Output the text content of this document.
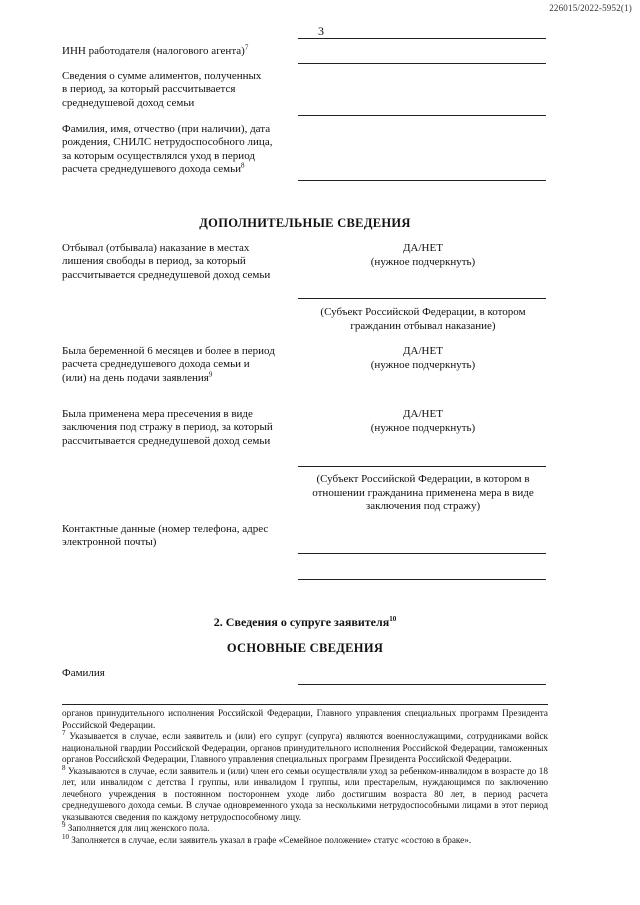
226015/2022-5952(1)
3
ИНН работодателя (налогового агента)$^7$
Сведения о сумме алиментов, полученных
в период, за который рассчитывается
среднедушевой доход семьи
Фамилия, имя, отчество (при наличии), дата
рождения, СНИЛС нетрудоспособного лица,
за которым осуществлялся уход в период
расчета среднедушевого дохода семьи$^8$
ДОПОЛНИТЕЛЬНЫЕ СВЕДЕНИЯ
Отбывал (отбывала) наказание в местах
лишения свободы в период, за который
рассчитывается среднедушевой доход семьи
ДА/НЕТ
(нужное подчеркнуть)
(Субъект Российской Федерации, в котором
гражданин отбывал наказание)
Была беременной 6 месяцев и более в период
расчета среднедушевого дохода семьи и
(или) на день подачи заявления$^9$
ДА/НЕТ
(нужное подчеркнуть)
Была применена мера пресечения в виде
заключения под стражу в период, за который
рассчитывается среднедушевой доход семьи
ДА/НЕТ
(нужное подчеркнуть)
(Субъект Российской Федерации, в котором в
отношении гражданина применена мера в виде
заключения под стражу)
Контактные данные (номер телефона, адрес
электронной почты)
2. Сведения о супруге заявителя$^{10}$
ОСНОВНЫЕ СВЕДЕНИЯ
Фамилия

органов принудительного исполнения Российской Федерации, Главного управления специальных программ Президента Российской Федерации.

$^7$ Указывается в случае, если заявитель и (или) его супруг (супруга) являются военнослужащими, сотрудниками войск национальной гвардии Российской Федерации, органов принудительного исполнения Российской Федерации, таможенных органов Российской Федерации, Главного управления специальных программ Президента Российской Федерации.

$^8$ Указываются в случае, если заявитель и (или) член его семьи осуществляли уход за ребенком-инвалидом в возрасте до 18 лет, или инвалидом с детства I группы, или инвалидом I группы, или престарелым, нуждающимся по заключению лечебного учреждения в постоянном постороннем уходе либо достигшим возраста 80 лет, в период расчета среднедушевого дохода семьи. В случае одновременного ухода за несколькими нетрудоспособными лицами в этот период указываются сведения по каждому нетрудоспособному лицу.

$^9$ Заполняется для лиц женского пола.

$^{10}$ Заполняется в случае, если заявитель указал в графе «Семейное положение» статус «состою в браке».
